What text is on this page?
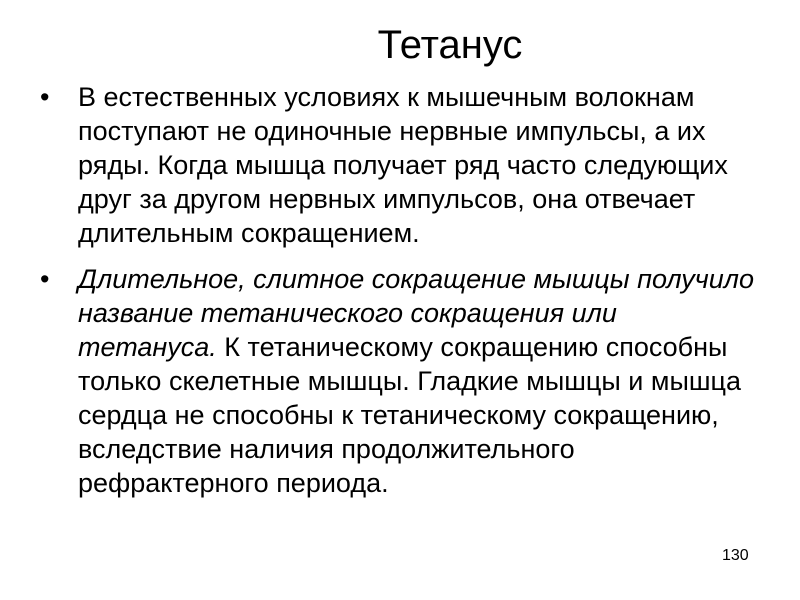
Тетанус
•	В естественных условиях к мышечным волокнам поступают не одиночные нервные импульсы, а их ряды. Когда мышца получает ряд часто следующих друг за другом нервных импульсов, она отвечает длительным сокращением.
•	Длительное, слитное сокращение мышцы получило название тетанического сокращения или тетануса. К тетаническому сокращению способны только скелетные мышцы. Гладкие мышцы и мышца сердца не способны к тетаническому сокращению, вследствие наличия продолжительного рефрактерного периода.
130
